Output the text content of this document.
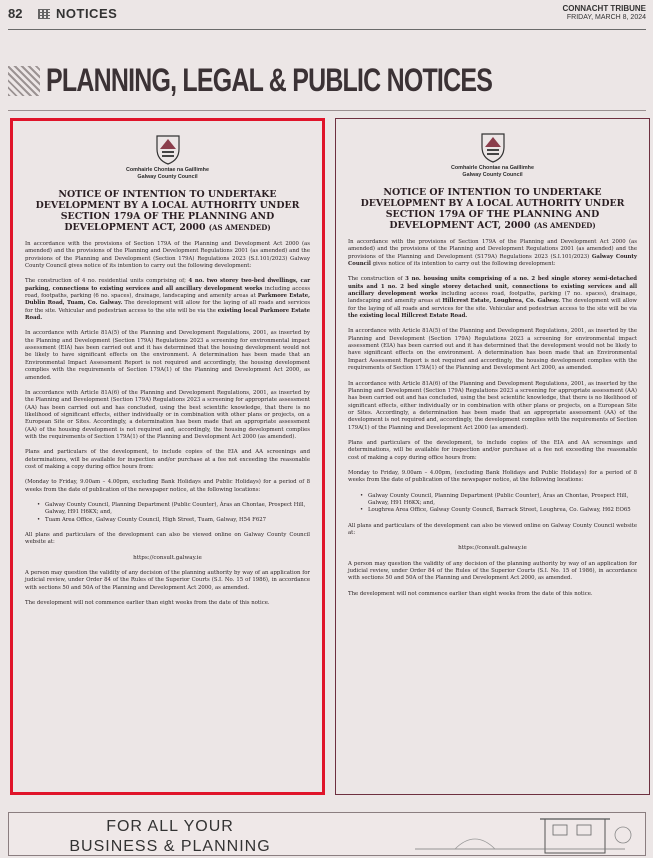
82	NOTICES	CONNACHT TRIBUNE
FRIDAY, MARCH 8, 2024
PLANNING, LEGAL & PUBLIC NOTICES
Comhairle Chontae na Gaillimhe
Galway County Council
NOTICE OF INTENTION TO UNDERTAKE DEVELOPMENT BY A LOCAL AUTHORITY UNDER SECTION 179A OF THE PLANNING AND DEVELOPMENT ACT, 2000 (AS AMENDED)

In accordance with the provisions of Section 179A of the Planning and Development Act 2000 (as amended) and the provisions of the Planning and Development Regulations 2001 (as amended) and the provisions of the Planning and Development (Section 179A) Regulations 2023 (S.I.101/2023) Galway County Council gives notice of its intention to carry out the following development:

The construction of 4 no. residential units comprising of; 4 no. two storey two-bed dwellings, car parking, connections to existing services and all ancillary development works including access road, footpaths, parking (6 no. spaces), drainage, landscaping and amenity areas at Parkmore Estate, Dublin Road, Tuam, Co. Galway. The development will allow for the laying of all roads and services for the site. Vehicular and pedestrian access to the site will be via the existing local Parkmore Estate Road.

In accordance with Article 81A(5) of the Planning and Development Regulations, 2001, as inserted by the Planning and Development (Section 179A) Regulations 2023 a screening for environmental impact assessment (EIA) has been carried out and it has determined that the housing development would not be likely to have significant effects on the environment. A determination has been made that an Environmental Impact Assessment Report is not required and accordingly, the housing development complies with the requirements of Section 179A(1) of the Planning and Development Act 2000, as amended.

In accordance with Article 81A(6) of the Planning and Development Regulations, 2001, as inserted by the Planning and Development (Section 179A) Regulations 2023 a screening for appropriate assessment (AA) has been carried out and has concluded, using the best scientific knowledge, that there is no likelihood of significant effects, either individually or in combination with other plans or projects, on a European Site or Sites. Accordingly, a determination has been made that an appropriate assessment (AA) of the housing development is not required and, accordingly, the housing development complies with the requirements of Section 179A(1) of the Planning and Development Act 2000 (as amended).

Plans and particulars of the development, to include copies of the EIA and AA screenings and determinations, will be available for inspection and/or purchase at a fee not exceeding the reasonable cost of making a copy during office hours from:

(Monday to Friday, 9.00am – 4.00pm, excluding Bank Holidays and Public Holidays) for a period of 8 weeks from the date of publication of the newspaper notice, at the following locations:

• Galway County Council, Planning Department (Public Counter), Áras an Chontae, Prospect Hill, Galway, H91 H6KX; and,
• Tuam Area Office, Galway County Council, High Street, Tuam, Galway, H54 F627

All plans and particulars of the development can also be viewed online on Galway County Council website at:

https://consult.galway.ie

A person may question the validity of any decision of the planning authority by way of an application for judicial review, under Order 84 of the Rules of the Superior Courts (S.I. No. 15 of 1986), in accordance with sections 50 and 50A of the Planning and Development Act 2000, as amended.

The development will not commence earlier than eight weeks from the date of this notice.

Comhairle Chontae na Gaillimhe
Galway County Council
NOTICE OF INTENTION TO UNDERTAKE DEVELOPMENT BY A LOCAL AUTHORITY UNDER SECTION 179A OF THE PLANNING AND DEVELOPMENT ACT, 2000 (AS AMENDED)

In accordance with the provisions of Section 179A of the Planning and Development Act 2000 (as amended) and the provisions of the Planning and Development Regulations 2001 (as amended) and the provisions of the Planning and Development (S179A) Regulations 2023 (S.I.101/2023) Galway County Council gives notice of its intention to carry out the following development:

The construction of 3 no. housing units comprising of a no. 2 bed single storey semi-detached units and 1 no. 2 bed single storey detached unit, connections to existing services and all ancillary development works including access road, footpaths, parking (7 no. spaces), drainage, landscaping and amenity areas at Hillcrest Estate, Loughrea, Co. Galway. The development will allow for the laying of all roads and services for the site. Vehicular and pedestrian access to the site will be via the existing local Hillcrest Estate Road.

In accordance with Article 81A(5) of the Planning and Development Regulations, 2001, as inserted by the Planning and Development (Section 179A) Regulations 2023 a screening for environmental impact assessment (EIA) has been carried out and it has determined that the development would not be likely to have significant effects on the environment. A determination has been made that an Environmental Impact Assessment Report is not required and accordingly, the housing development complies with the requirements of Section 179A(1) of the Planning and Development Act 2000, as amended.

In accordance with Article 81A(6) of the Planning and Development Regulations, 2001, as inserted by the Planning and Development (Section 179A) Regulations 2023 a screening for appropriate assessment (AA) has been carried out and has concluded, using the best scientific knowledge, that there is no likelihood of significant effects, either individually or in combination with other plans or projects, on a European Site or Sites. Accordingly, a determination has been made that an appropriate assessment (AA) of the development is not required and, accordingly, the development complies with the requirements of Section 179A(1) of the Planning and Development Act 2000 (as amended).

Plans and particulars of the development, to include copies of the EIA and AA screenings and determinations, will be available for inspection and/or purchase at a fee not exceeding the reasonable cost of making a copy during office hours from:

Monday to Friday, 9.00am – 4.00pm, (excluding Bank Holidays and Public Holidays) for a period of 8 weeks from the date of publication of the newspaper notice, at the following locations:

• Galway County Council, Planning Department (Public Counter), Áras an Chontae, Prospect Hill, Galway, H91 H6KX; and,
• Loughrea Area Office, Galway County Council, Barrack Street, Loughrea, Co. Galway, H62 EO65

All plans and particulars of the development can also be viewed online on Galway County Council website at:

https://consult.galway.ie

A person may question the validity of any decision of the planning authority by way of an application for judicial review, under Order 84 of the Rules of the Superior Courts (S.I. No. 15 of 1986), in accordance with sections 50 and 50A of the Planning and Development Act 2000, as amended.

The development will not commence earlier than eight weeks from the date of this notice.

FOR ALL YOUR
BUSINESS & PLANNING
